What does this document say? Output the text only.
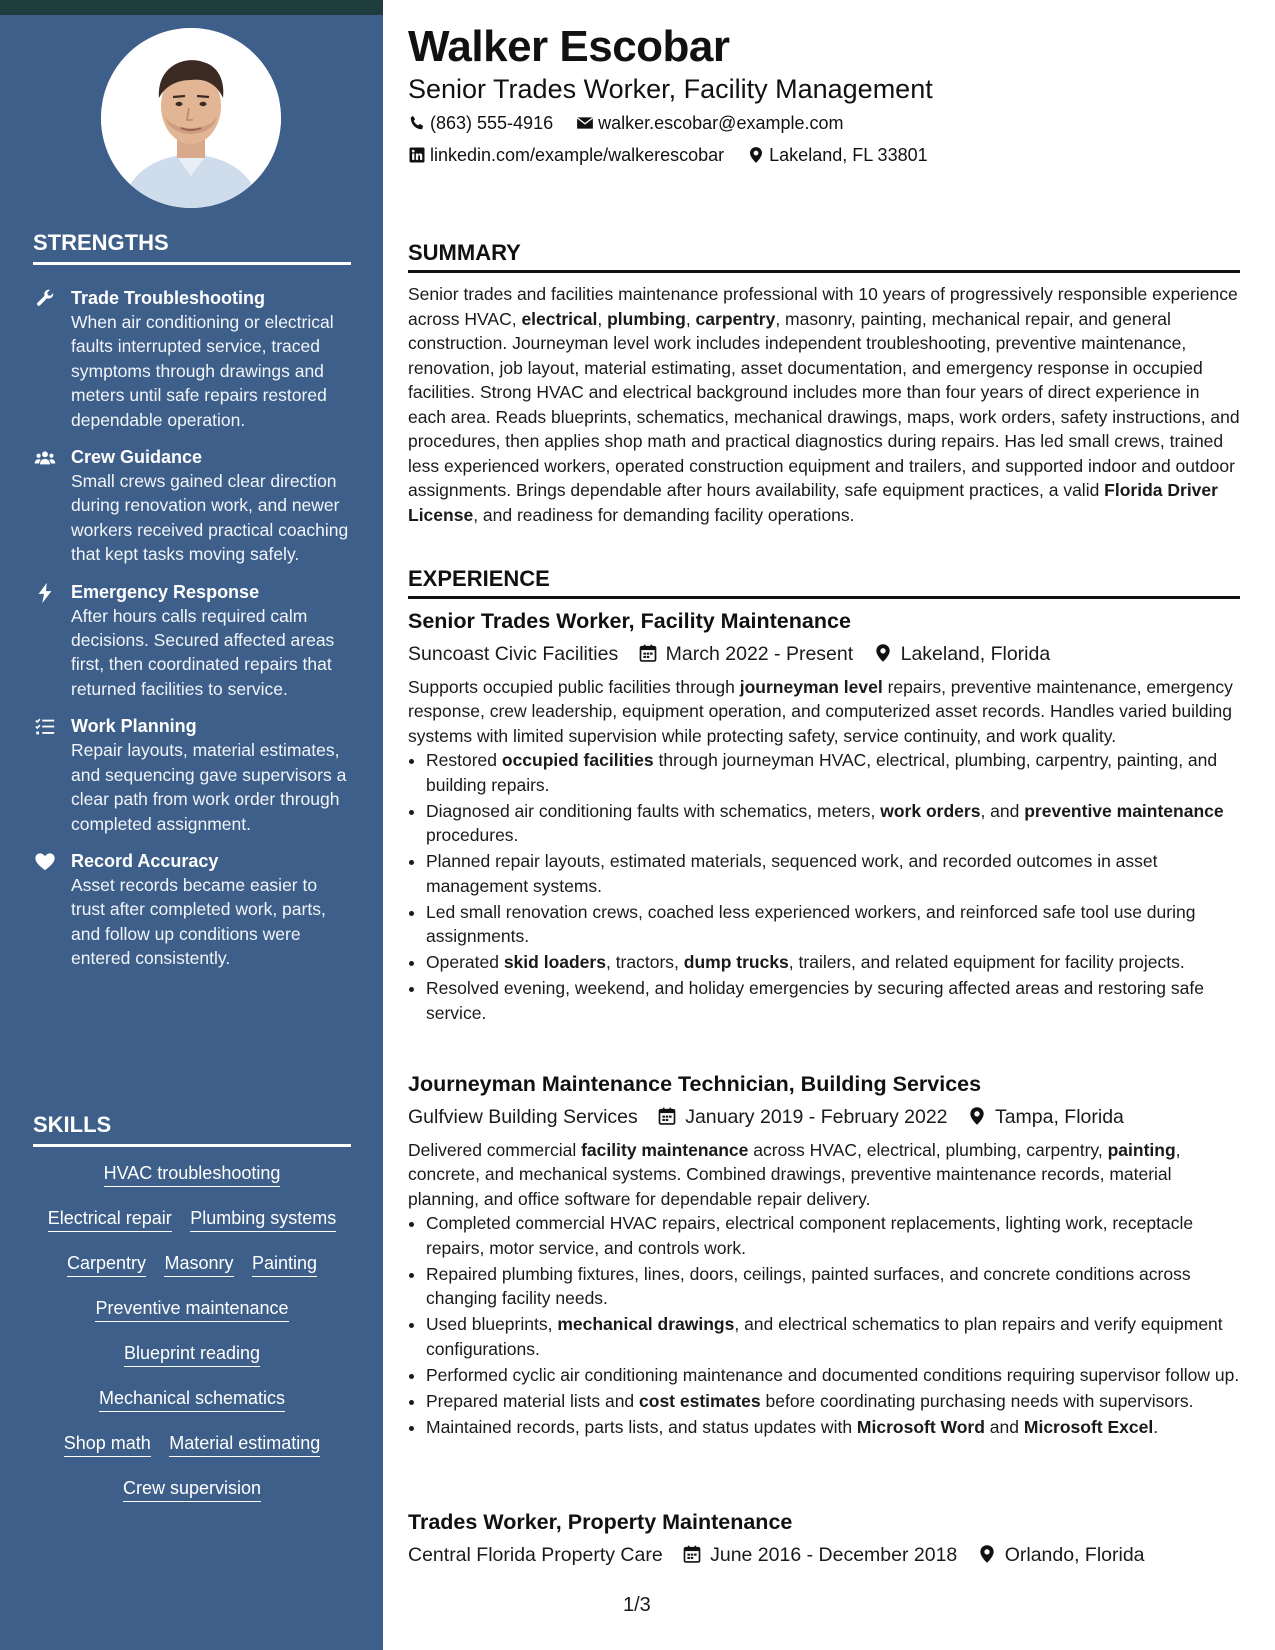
STRENGTHS
Trade Troubleshooting
When air conditioning or electrical faults interrupted service, traced symptoms through drawings and meters until safe repairs restored dependable operation.
Crew Guidance
Small crews gained clear direction during renovation work, and newer workers received practical coaching that kept tasks moving safely.
Emergency Response
After hours calls required calm decisions. Secured affected areas first, then coordinated repairs that returned facilities to service.
Work Planning
Repair layouts, material estimates, and sequencing gave supervisors a clear path from work order through completed assignment.
Record Accuracy
Asset records became easier to trust after completed work, parts, and follow up conditions were entered consistently.
SKILLS
HVAC troubleshooting
Electrical repair Plumbing systems
Carpentry Masonry Painting
Preventive maintenance
Blueprint reading
Mechanical schematics
Shop math Material estimating
Crew supervision
Walker Escobar
Senior Trades Worker, Facility Management
(863) 555-4916	walker.escobar@example.com
linkedin.com/example/walkerescobar	Lakeland, FL 33801
SUMMARY
Senior trades and facilities maintenance professional with 10 years of progressively responsible experience across HVAC, electrical, plumbing, carpentry, masonry, painting, mechanical repair, and general construction. Journeyman level work includes independent troubleshooting, preventive maintenance, renovation, job layout, material estimating, asset documentation, and emergency response in occupied facilities. Strong HVAC and electrical background includes more than four years of direct experience in each area. Reads blueprints, schematics, mechanical drawings, maps, work orders, safety instructions, and procedures, then applies shop math and practical diagnostics during repairs. Has led small crews, trained less experienced workers, operated construction equipment and trailers, and supported indoor and outdoor assignments. Brings dependable after hours availability, safe equipment practices, a valid Florida Driver License, and readiness for demanding facility operations.
EXPERIENCE
Senior Trades Worker, Facility Maintenance
Suncoast Civic Facilities March 2022 - Present Lakeland, Florida
Supports occupied public facilities through journeyman level repairs, preventive maintenance, emergency response, crew leadership, equipment operation, and computerized asset records. Handles varied building systems with limited supervision while protecting safety, service continuity, and work quality.
• Restored occupied facilities through journeyman HVAC, electrical, plumbing, carpentry, painting, and building repairs.
• Diagnosed air conditioning faults with schematics, meters, work orders, and preventive maintenance procedures.
• Planned repair layouts, estimated materials, sequenced work, and recorded outcomes in asset management systems.
• Led small renovation crews, coached less experienced workers, and reinforced safe tool use during assignments.
• Operated skid loaders, tractors, dump trucks, trailers, and related equipment for facility projects.
• Resolved evening, weekend, and holiday emergencies by securing affected areas and restoring safe service.
Journeyman Maintenance Technician, Building Services
Gulfview Building Services January 2019 - February 2022 Tampa, Florida
Delivered commercial facility maintenance across HVAC, electrical, plumbing, carpentry, painting, concrete, and mechanical systems. Combined drawings, preventive maintenance records, material planning, and office software for dependable repair delivery.
• Completed commercial HVAC repairs, electrical component replacements, lighting work, receptacle repairs, motor service, and controls work.
• Repaired plumbing fixtures, lines, doors, ceilings, painted surfaces, and concrete conditions across changing facility needs.
• Used blueprints, mechanical drawings, and electrical schematics to plan repairs and verify equipment configurations.
• Performed cyclic air conditioning maintenance and documented conditions requiring supervisor follow up.
• Prepared material lists and cost estimates before coordinating purchasing needs with supervisors.
• Maintained records, parts lists, and status updates with Microsoft Word and Microsoft Excel.
Trades Worker, Property Maintenance
Central Florida Property Care June 2016 - December 2018 Orlando, Florida
1/3
